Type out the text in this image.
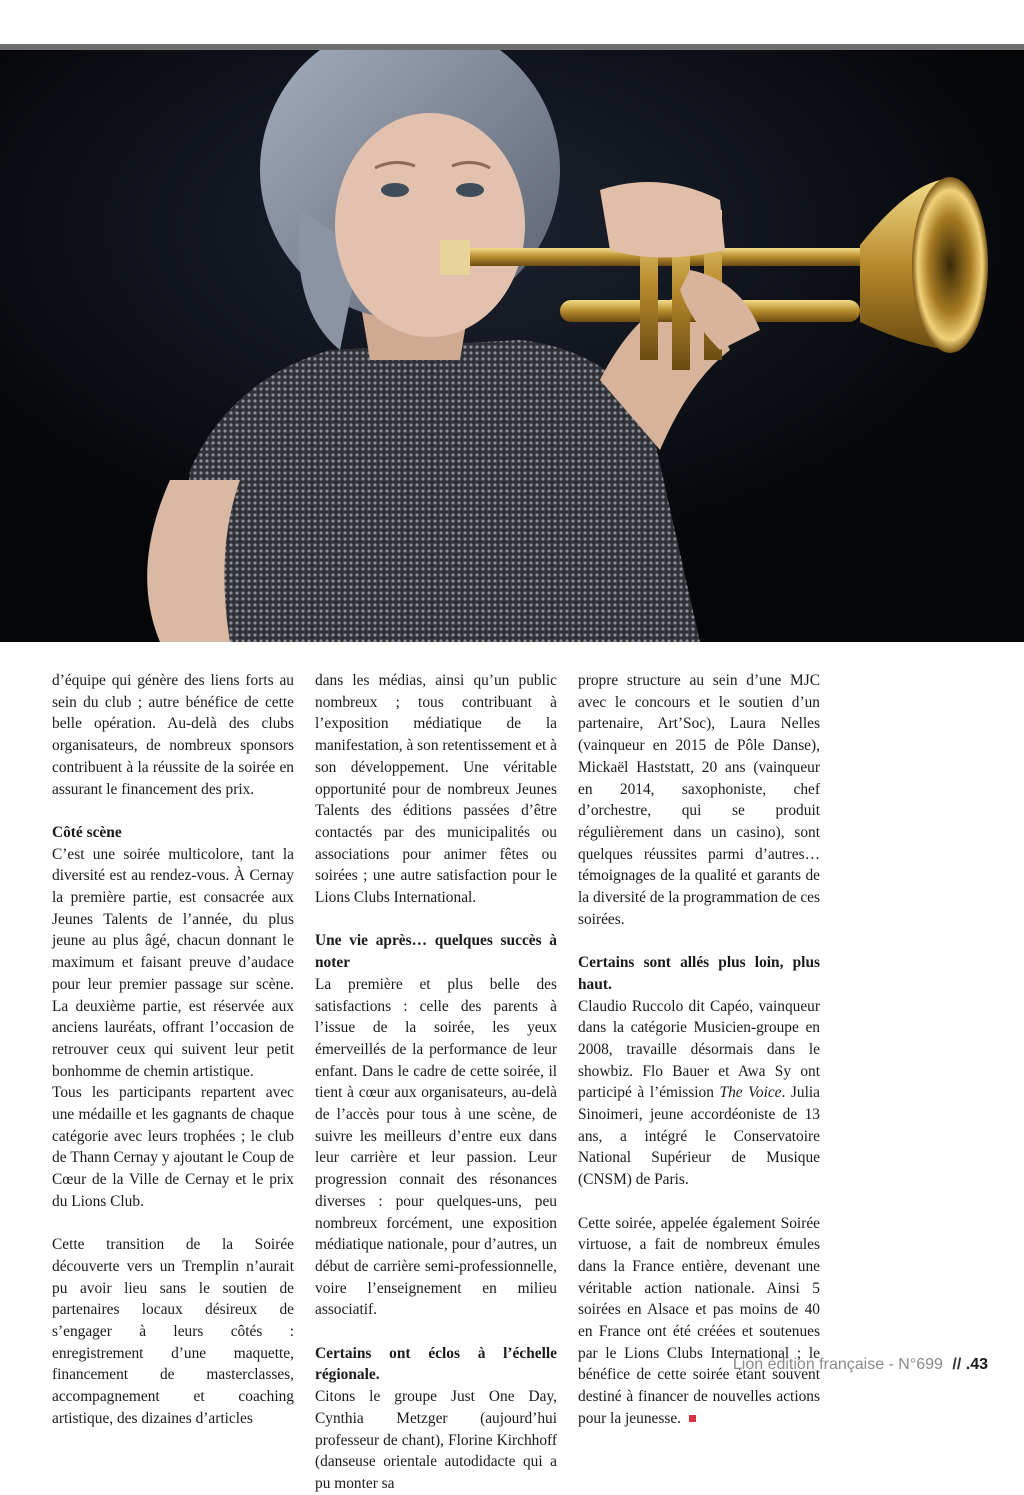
d’équipe qui génère des liens forts au sein du club ; autre bénéfice de cette belle opération. Au-delà des clubs organisateurs, de nombreux sponsors contribuent à la réussite de la soirée en assurant le financement des prix.

Côté scène

C’est une soirée multicolore, tant la diversité est au rendez-vous. À Cernay la première partie, est consacrée aux Jeunes Talents de l’année, du plus jeune au plus âgé, chacun donnant le maximum et faisant preuve d’audace pour leur premier passage sur scène. La deuxième partie, est réservée aux anciens lauréats, offrant l’occasion de retrouver ceux qui suivent leur petit bonhomme de chemin artistique.

Tous les participants repartent avec une médaille et les gagnants de chaque catégorie avec leurs trophées ; le club de Thann Cernay y ajoutant le Coup de Cœur de la Ville de Cernay et le prix du Lions Club.

Cette transition de la Soirée découverte vers un Tremplin n’aurait pu avoir lieu sans le soutien de partenaires locaux désireux de s’engager à leurs côtés : enregistrement d’une maquette, financement de masterclasses, accompagnement et coaching artistique, des dizaines d’articles

dans les médias, ainsi qu’un public nombreux ; tous contribuant à l’exposition médiatique de la manifestation, à son retentissement et à son développement. Une véritable opportunité pour de nombreux Jeunes Talents des éditions passées d’être contactés par des municipalités ou associations pour animer fêtes ou soirées ; une autre satisfaction pour le Lions Clubs International.

Une vie après… quelques succès à noter

La première et plus belle des satisfactions : celle des parents à l’issue de la soirée, les yeux émerveillés de la performance de leur enfant. Dans le cadre de cette soirée, il tient à cœur aux organisateurs, au-delà de l’accès pour tous à une scène, de suivre les meilleurs d’entre eux dans leur carrière et leur passion. Leur progression connait des résonances diverses : pour quelques-uns, peu nombreux forcément, une exposition médiatique nationale, pour d’autres, un début de carrière semi-professionnelle, voire l’enseignement en milieu associatif.

Certains ont éclos à l’échelle régionale.

Citons le groupe Just One Day, Cynthia Metzger (aujourd’hui professeur de chant), Florine Kirchhoff (danseuse orientale autodidacte qui a pu monter sa

propre structure au sein d’une MJC avec le concours et le soutien d’un partenaire, Art’Soc), Laura Nelles (vainqueur en 2015 de Pôle Danse), Mickaël Haststatt, 20 ans (vainqueur en 2014, saxophoniste, chef d’orchestre, qui se produit régulièrement dans un casino), sont quelques réussites parmi d’autres… témoignages de la qualité et garants de la diversité de la programmation de ces soirées.

Certains sont allés plus loin, plus haut.

Claudio Ruccolo dit Capéo, vainqueur dans la catégorie Musicien-groupe en 2008, travaille désormais dans le showbiz. Flo Bauer et Awa Sy ont participé à l’émission The Voice. Julia Sinoimeri, jeune accordéoniste de 13 ans, a intégré le Conservatoire National Supérieur de Musique (CNSM) de Paris.

Cette soirée, appelée également Soirée virtuose, a fait de nombreux émules dans la France entière, devenant une véritable action nationale. Ainsi 5 soirées en Alsace et pas moins de 40 en France ont été créées et soutenues par le Lions Clubs International ; le bénéfice de cette soirée étant souvent destiné à financer de nouvelles actions pour la jeunesse.

Lion édition française - N°699 // .43
